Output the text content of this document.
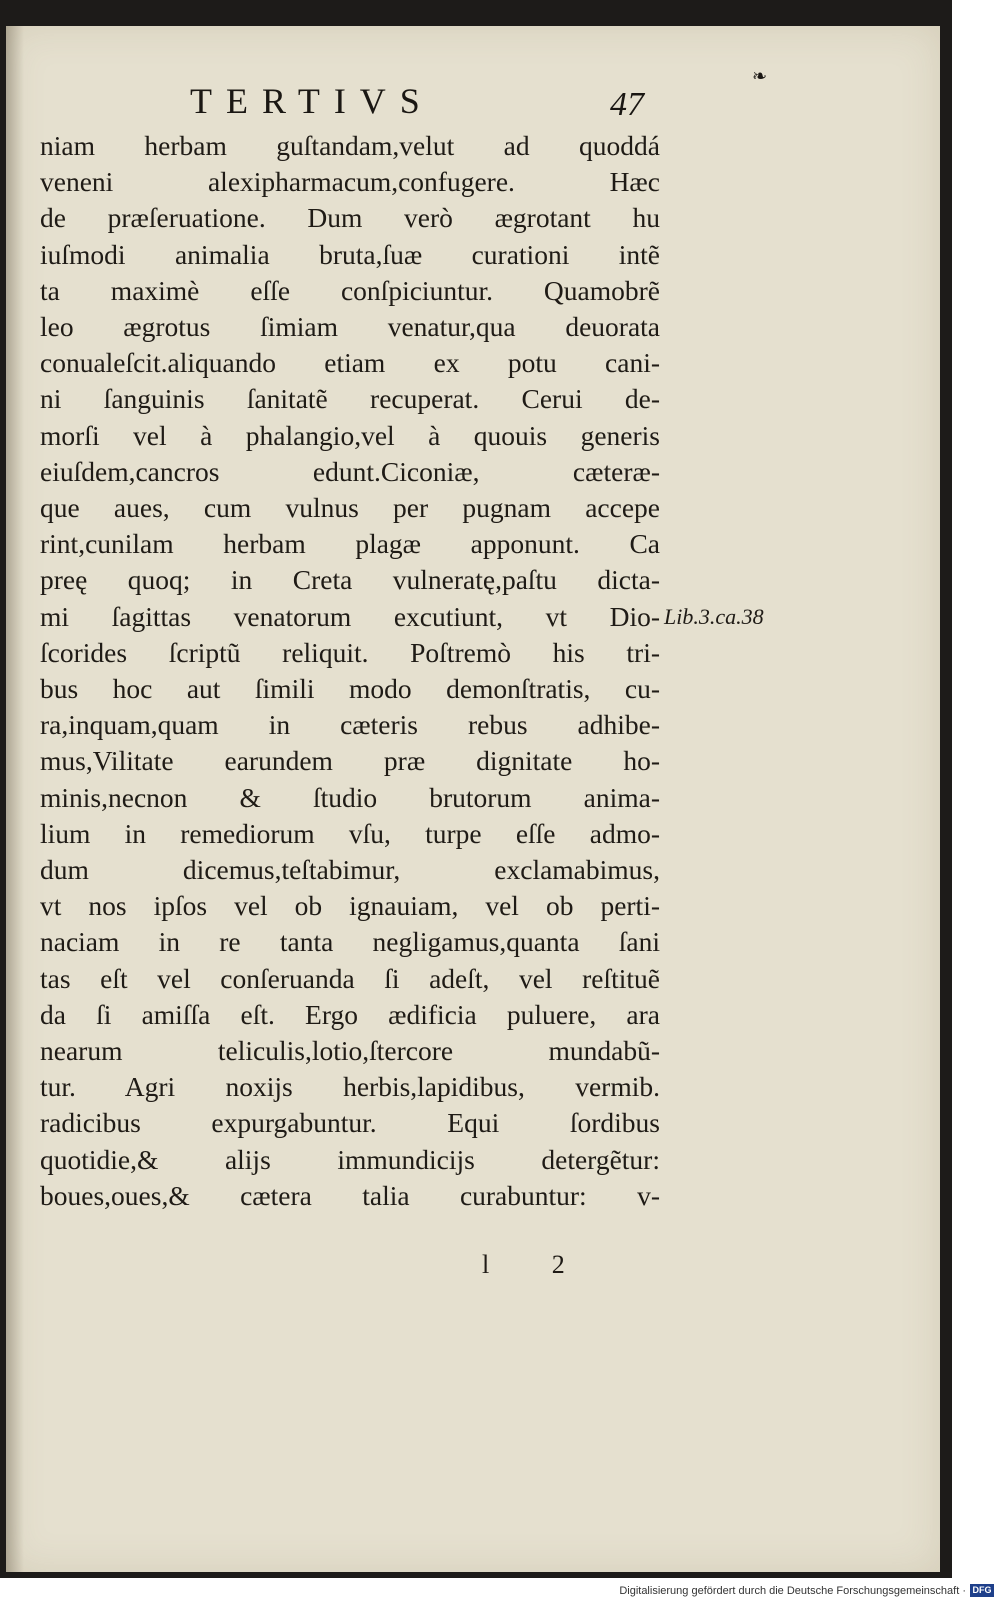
❧
TERTIVS	47
niam herbam guſtandam,velut ad quoddá
veneni alexipharmacum,confugere. Hæc
de præſeruatione. Dum verò ægrotant hu
iuſmodi animalia bruta,ſuæ curationi intẽ
ta maximè eſſe conſpiciuntur. Quamobrẽ
leo ægrotus ſimiam venatur,qua deuorata
conualeſcit.aliquando etiam ex potu cani-
ni ſanguinis ſanitatẽ recuperat. Cerui de-
morſi vel à phalangio,vel à quouis generis
eiuſdem,cancros edunt.Ciconiæ, cæteræ-
que aues, cum vulnus per pugnam accepe
rint,cunilam herbam plagæ apponunt. Ca
preę quoq; in Creta vulneratę,paſtu dicta-
mi ſagittas venatorum excutiunt, vt Dio-
ſcorides ſcriptũ reliquit. Poſtremò his tri-
bus hoc aut ſimili modo demonſtratis, cu-
ra,inquam,quam in cæteris rebus adhibe-
mus,Vilitate earundem præ dignitate ho-
minis,necnon & ſtudio brutorum anima-
lium in remediorum vſu, turpe eſſe admo-
dum dicemus,teſtabimur, exclamabimus,
vt nos ipſos vel ob ignauiam, vel ob perti-
naciam in re tanta negligamus,quanta ſani
tas eſt vel conſeruanda ſi adeſt, vel reſtituẽ
da ſi amiſſa eſt. Ergo ædificia puluere, ara
nearum teliculis,lotio,ſtercore mundabũ-
tur. Agri noxijs herbis,lapidibus, vermib.
radicibus expurgabuntur. Equi ſordibus
quotidie,& alijs immundicijs detergẽtur:
boues,oues,& cætera talia curabuntur: v-
Lib.3.ca.38
l 2
Digitalisierung gefördert durch die Deutsche Forschungsgemeinschaft · DFG
